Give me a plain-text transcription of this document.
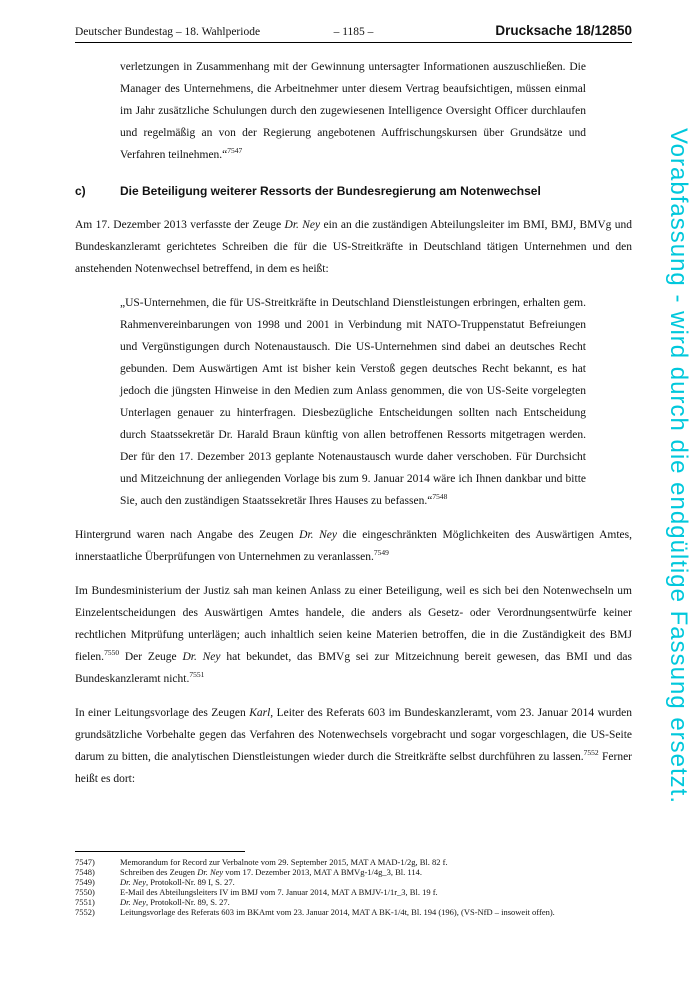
Deutscher Bundestag – 18. Wahlperiode	– 1185 –	Drucksache 18/12850

verletzungen in Zusammenhang mit der Gewinnung untersagter Informationen auszuschließen. Die Manager des Unternehmens, die Arbeitnehmer unter diesem Vertrag beaufsichtigen, müssen einmal im Jahr zusätzliche Schulungen durch den zugewiesenen Intelligence Oversight Officer durchlaufen und regelmäßig an von der Regierung angebotenen Auffrischungskursen über Grundsätze und Verfahren teilnehmen.“$^{7547}$

c)	Die Beteiligung weiterer Ressorts der Bundesregierung am Notenwechsel

Am 17. Dezember 2013 verfasste der Zeuge Dr. Ney ein an die zuständigen Abteilungsleiter im BMI, BMJ, BMVg und Bundeskanzleramt gerichtetes Schreiben die für die US-Streitkräfte in Deutschland tätigen Unternehmen und den anstehenden Notenwechsel betreffend, in dem es heißt:

„US-Unternehmen, die für US-Streitkräfte in Deutschland Dienstleistungen erbringen, erhalten gem. Rahmenvereinbarungen von 1998 und 2001 in Verbindung mit NATO-Truppenstatut Befreiungen und Vergünstigungen durch Notenaustausch. Die US-Unternehmen sind dabei an deutsches Recht gebunden. Dem Auswärtigen Amt ist bisher kein Verstoß gegen deutsches Recht bekannt, es hat jedoch die jüngsten Hinweise in den Medien zum Anlass genommen, die von US-Seite vorgelegten Unterlagen genauer zu hinterfragen. Diesbezügliche Entscheidungen sollten nach Entscheidung durch Staatssekretär Dr. Harald Braun künftig von allen betroffenen Ressorts mitgetragen werden. Der für den 17. Dezember 2013 geplante Notenaustausch wurde daher verschoben. Für Durchsicht und Mitzeichnung der anliegenden Vorlage bis zum 9. Januar 2014 wäre ich Ihnen dankbar und bitte Sie, auch den zuständigen Staatssekretär Ihres Hauses zu befassen.“$^{7548}$

Hintergrund waren nach Angabe des Zeugen Dr. Ney die eingeschränkten Möglichkeiten des Auswärtigen Amtes, innerstaatliche Überprüfungen von Unternehmen zu veranlassen.$^{7549}$

Im Bundesministerium der Justiz sah man keinen Anlass zu einer Beteiligung, weil es sich bei den Notenwechseln um Einzelentscheidungen des Auswärtigen Amtes handele, die anders als Gesetz- oder Verordnungsentwürfe keiner rechtlichen Mitprüfung unterlägen; auch inhaltlich seien keine Materien betroffen, die in die Zuständigkeit des BMJ fielen.$^{7550}$ Der Zeuge Dr. Ney hat bekundet, das BMVg sei zur Mitzeichnung bereit gewesen, das BMI und das Bundeskanzleramt nicht.$^{7551}$

In einer Leitungsvorlage des Zeugen Karl, Leiter des Referats 603 im Bundeskanzleramt, vom 23. Januar 2014 wurden grundsätzliche Vorbehalte gegen das Verfahren des Notenwechsels vorgebracht und sogar vorgeschlagen, die US-Seite darum zu bitten, die analytischen Dienstleistungen wieder durch die Streitkräfte selbst durchführen zu lassen.$^{7552}$ Ferner heißt es dort:

7547)	Memorandum for Record zur Verbalnote vom 29. September 2015, MAT A MAD-1/2g, Bl. 82 f.
7548)	Schreiben des Zeugen Dr. Ney vom 17. Dezember 2013, MAT A BMVg-1/4g_3, Bl. 114.
7549)	Dr. Ney, Protokoll-Nr. 89 I, S. 27.
7550)	E-Mail des Abteilungsleiters IV im BMJ vom 7. Januar 2014, MAT A BMJV-1/1r_3, Bl. 19 f.
7551)	Dr. Ney, Protokoll-Nr. 89, S. 27.
7552)	Leitungsvorlage des Referats 603 im BKAmt vom 23. Januar 2014, MAT A BK-1/4t, Bl. 194 (196), (VS-NfD – insoweit offen).
Vorabfassung - wird durch die endgültige Fassung ersetzt.
